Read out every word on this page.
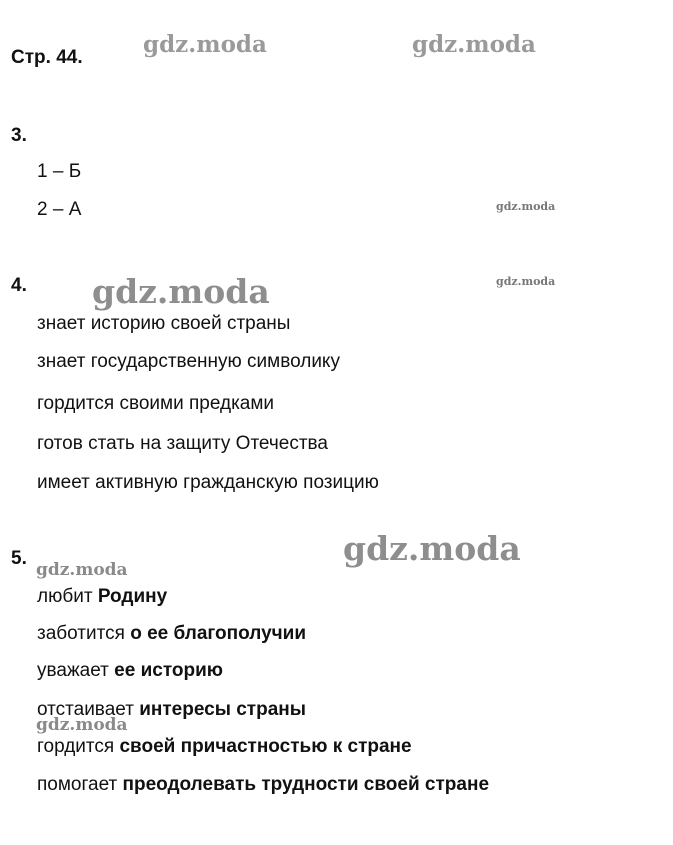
Стр. 44.	gdz.moda	gdz.moda
gdz.moda
gdz.moda
gdz.moda
gdz.moda
gdz.moda
gdz.moda
3.
1 – Б
2 – А
4.
знает историю своей страны
знает государственную символику
гордится своими предками
готов стать на защиту Отечества
имеет активную гражданскую позицию
5.
любит Родину
заботится о ее благополучии
уважает ее историю
отстаивает интересы страны
гордится своей причастностью к стране
помогает преодолевать трудности своей стране
